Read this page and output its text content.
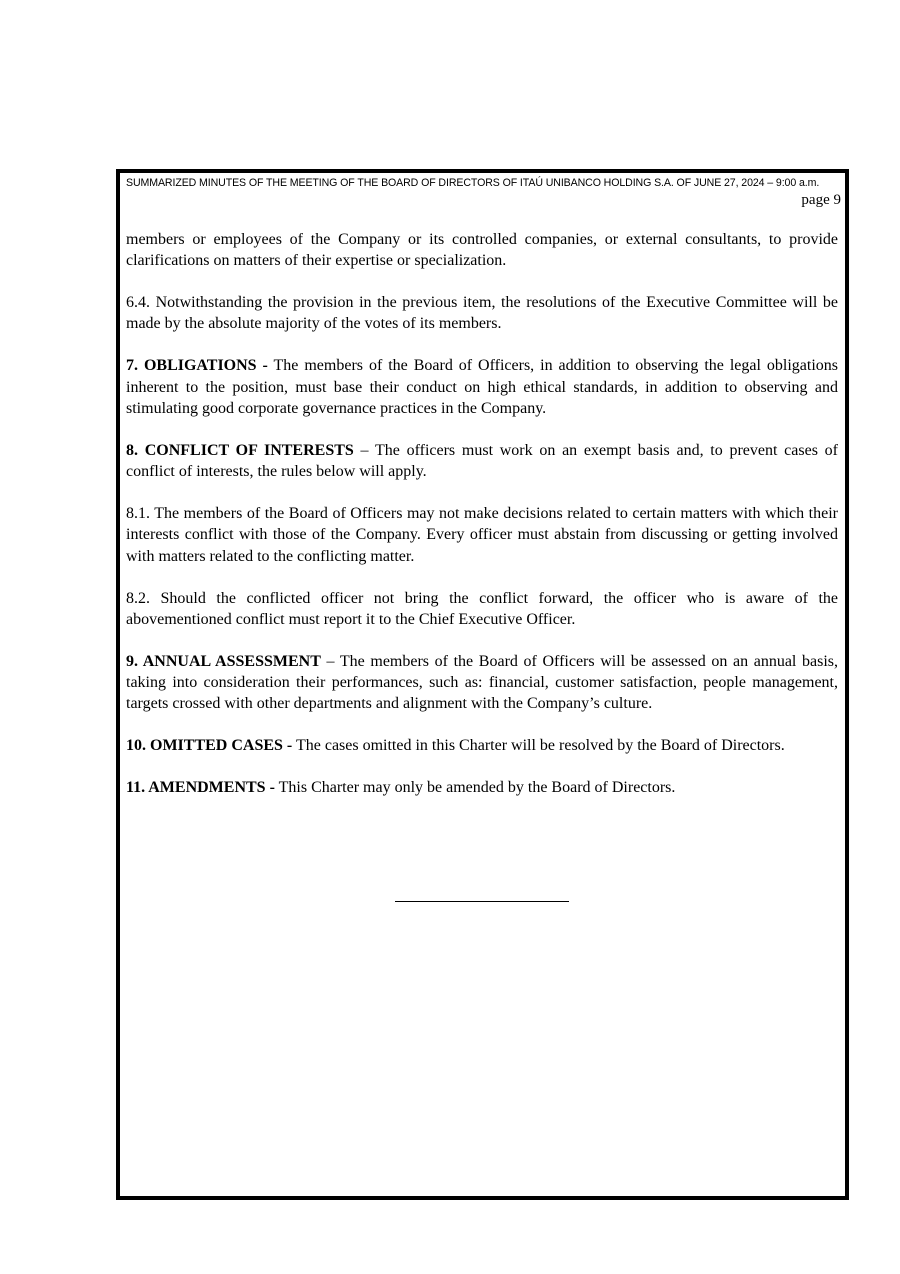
SUMMARIZED MINUTES OF THE MEETING OF THE BOARD OF DIRECTORS OF ITAÚ UNIBANCO HOLDING S.A. OF JUNE 27, 2024 – 9:00 a.m.
page 9

members or employees of the Company or its controlled companies, or external consultants, to provide clarifications on matters of their expertise or specialization.

6.4. Notwithstanding the provision in the previous item, the resolutions of the Executive Committee will be made by the absolute majority of the votes of its members.

7. OBLIGATIONS - The members of the Board of Officers, in addition to observing the legal obligations inherent to the position, must base their conduct on high ethical standards, in addition to observing and stimulating good corporate governance practices in the Company.

8. CONFLICT OF INTERESTS – The officers must work on an exempt basis and, to prevent cases of conflict of interests, the rules below will apply.

8.1. The members of the Board of Officers may not make decisions related to certain matters with which their interests conflict with those of the Company. Every officer must abstain from discussing or getting involved with matters related to the conflicting matter.

8.2. Should the conflicted officer not bring the conflict forward, the officer who is aware of the abovementioned conflict must report it to the Chief Executive Officer.

9. ANNUAL ASSESSMENT – The members of the Board of Officers will be assessed on an annual basis, taking into consideration their performances, such as: financial, customer satisfaction, people management, targets crossed with other departments and alignment with the Company’s culture.

10. OMITTED CASES - The cases omitted in this Charter will be resolved by the Board of Directors.

11. AMENDMENTS - This Charter may only be amended by the Board of Directors.
